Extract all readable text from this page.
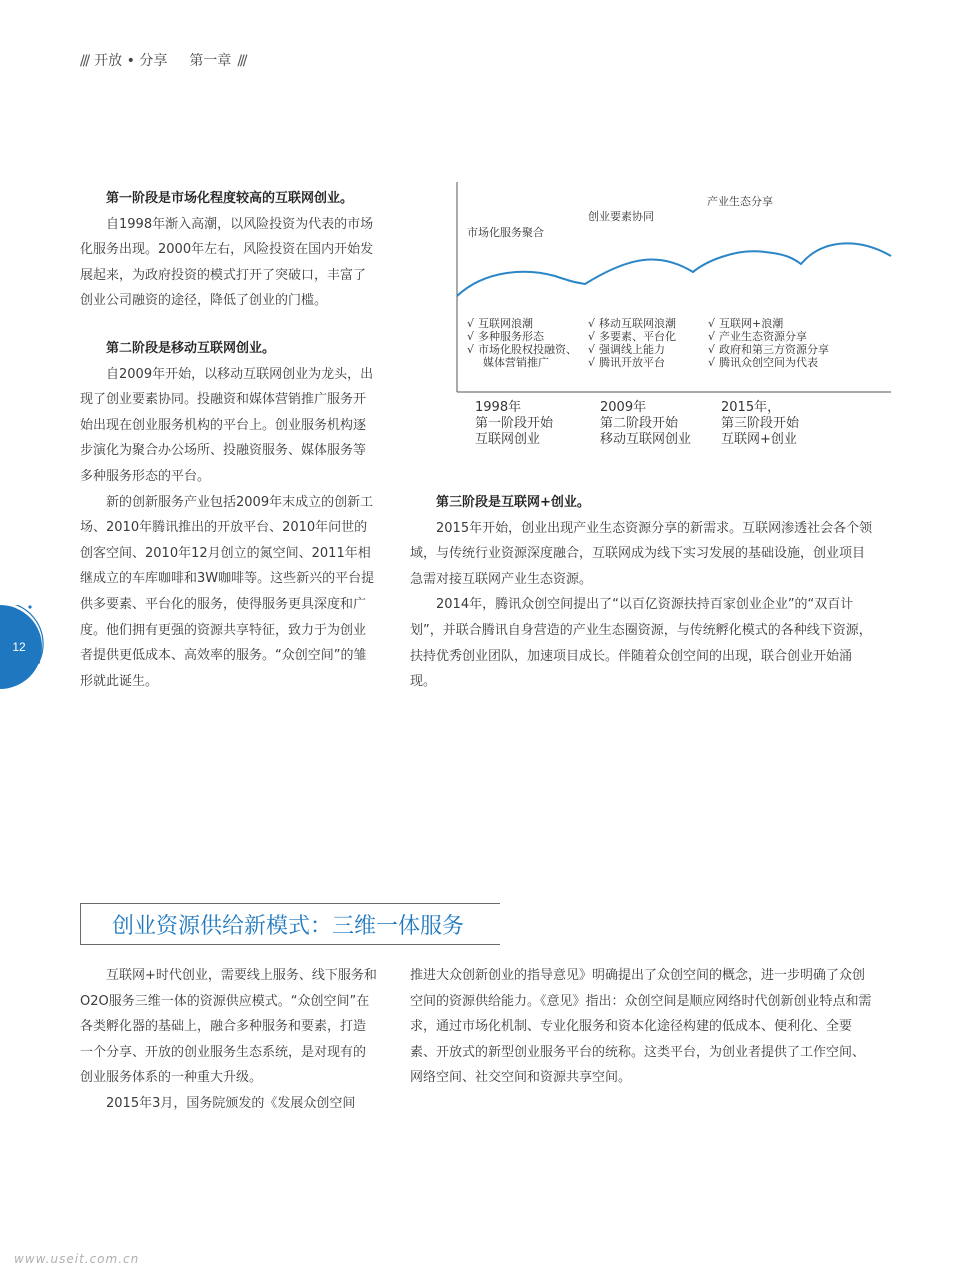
/// 开放 • 分享 第一章 ///
第一阶段是市场化程度较高的互联网创业。

自1998年渐入高潮，以风险投资为代表的市场化服务出现。2000年左右，风险投资在国内开始发展起来，为政府投资的模式打开了突破口，丰富了创业公司融资的途径，降低了创业的门槛。

第二阶段是移动互联网创业。

自2009年开始，以移动互联网创业为龙头，出现了创业要素协同。投融资和媒体营销推广服务开始出现在创业服务机构的平台上。创业服务机构逐步演化为聚合办公场所、投融资服务、媒体服务等多种服务形态的平台。

新的创新服务产业包括2009年末成立的创新工场、2010年腾讯推出的开放平台、2010年问世的创客空间、2010年12月创立的氮空间、2011年相继成立的车库咖啡和3W咖啡等。这些新兴的平台提供多要素、平台化的服务，使得服务更具深度和广度。他们拥有更强的资源共享特征，致力于为创业者提供更低成本、高效率的服务。“众创空间”的雏形就此诞生。

12
市场化服务聚合
创业要素协同
产业生态分享
√ 互联网浪潮
√ 多种服务形态
√ 市场化股权投融资、
媒体营销推广
√ 移动互联网浪潮
√ 多要素、平台化
√ 强调线上能力
√ 腾讯开放平台
√ 互联网+浪潮
√ 产业生态资源分享
√ 政府和第三方资源分享
√ 腾讯众创空间为代表
1998年
第一阶段开始
互联网创业
2009年
第二阶段开始
移动互联网创业
2015年，
第三阶段开始
互联网+创业
第三阶段是互联网+创业。

2015年开始，创业出现产业生态资源分享的新需求。互联网渗透社会各个领域，与传统行业资源深度融合，互联网成为线下实习发展的基础设施，创业项目急需对接互联网产业生态资源。

2014年，腾讯众创空间提出了“以百亿资源扶持百家创业企业”的“双百计划”，并联合腾讯自身营造的产业生态圈资源，与传统孵化模式的各种线下资源，扶持优秀创业团队，加速项目成长。伴随着众创空间的出现，联合创业开始涌现。

创业资源供给新模式：三维一体服务

互联网+时代创业，需要线上服务、线下服务和O2O服务三维一体的资源供应模式。“众创空间”在各类孵化器的基础上，融合多种服务和要素，打造一个分享、开放的创业服务生态系统，是对现有的创业服务体系的一种重大升级。

2015年3月，国务院颁发的《发展众创空间

推进大众创新创业的指导意见》明确提出了众创空间的概念，进一步明确了众创空间的资源供给能力。《意见》指出：众创空间是顺应网络时代创新创业特点和需求，通过市场化机制、专业化服务和资本化途径构建的低成本、便利化、全要素、开放式的新型创业服务平台的统称。这类平台，为创业者提供了工作空间、网络空间、社交空间和资源共享空间。

www.useit.com.cn
